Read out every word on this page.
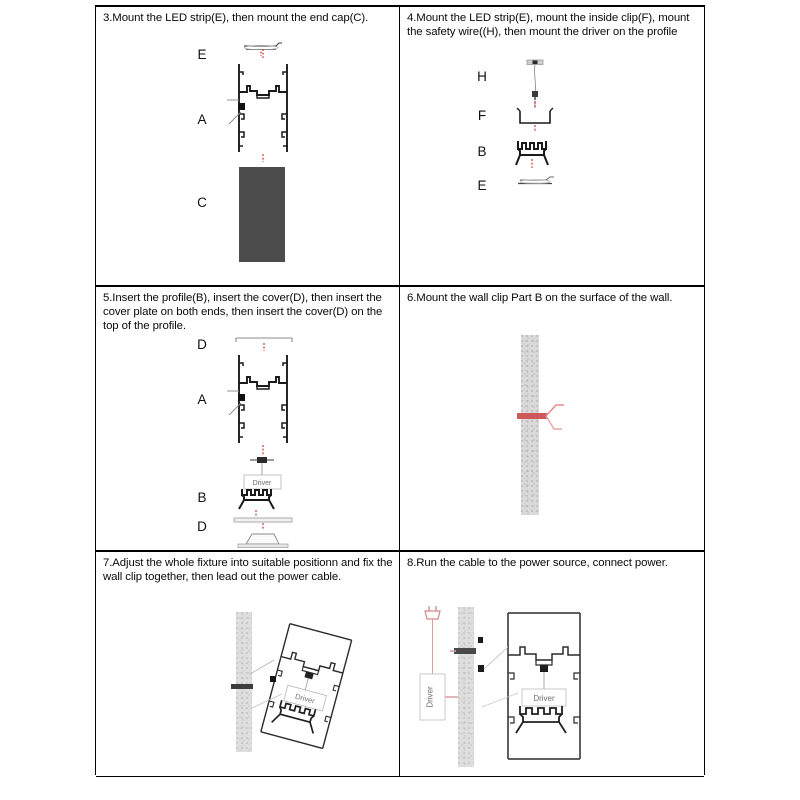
3.Mount the LED strip(E), then mount the end cap(C).
E
A
C
4.Mount the LED strip(E), mount the inside clip(F), mount the safety wire((H), then mount the driver on the profile
H
F
B
E
5.Insert the profile(B), insert the cover(D), then insert the cover plate on both ends, then insert the cover(D) on the top of the profile.
D
A
B
D
Driver
6.Mount the wall clip Part B on the surface of the wall.
7.Adjust the whole fixture into suitable positionn and fix the wall clip together, then lead out the power cable.
Driver
8.Run the cable to the power source, connect power.
Driver	Driver
